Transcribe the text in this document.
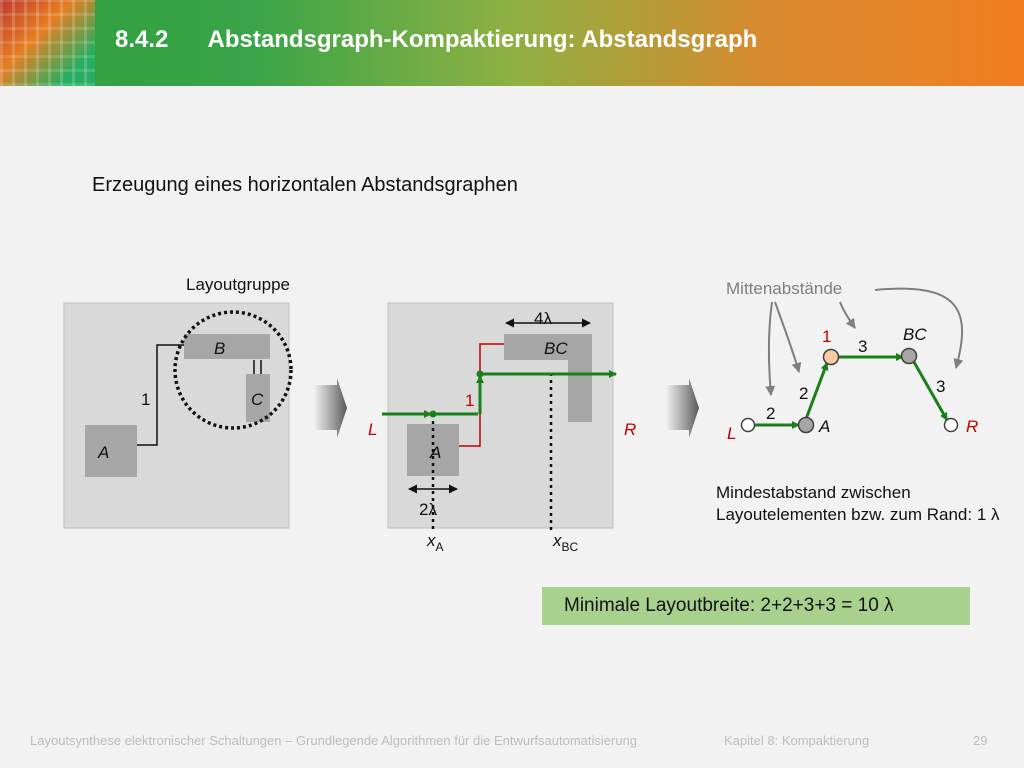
8.4.2 Abstandsgraph-Kompaktierung: Abstandsgraph
Erzeugung eines horizontalen Abstandsgraphen
Layoutgruppe
B
C
A
1
4λ
BC
A
2λ
1
L	R
$x_A$	$x_{BC}$
Mittenabstände
L	A
BC
R
2
2
1
3
3
Mindestabstand zwischen Layoutelementen bzw. zum Rand: 1 λ
Minimale Layoutbreite: 2+2+3+3 = 10 λ
Layoutsynthese elektronischer Schaltungen – Grundlegende Algorithmen für die Entwurfsautomatisierung	Kapitel 8: Kompaktierung	29
